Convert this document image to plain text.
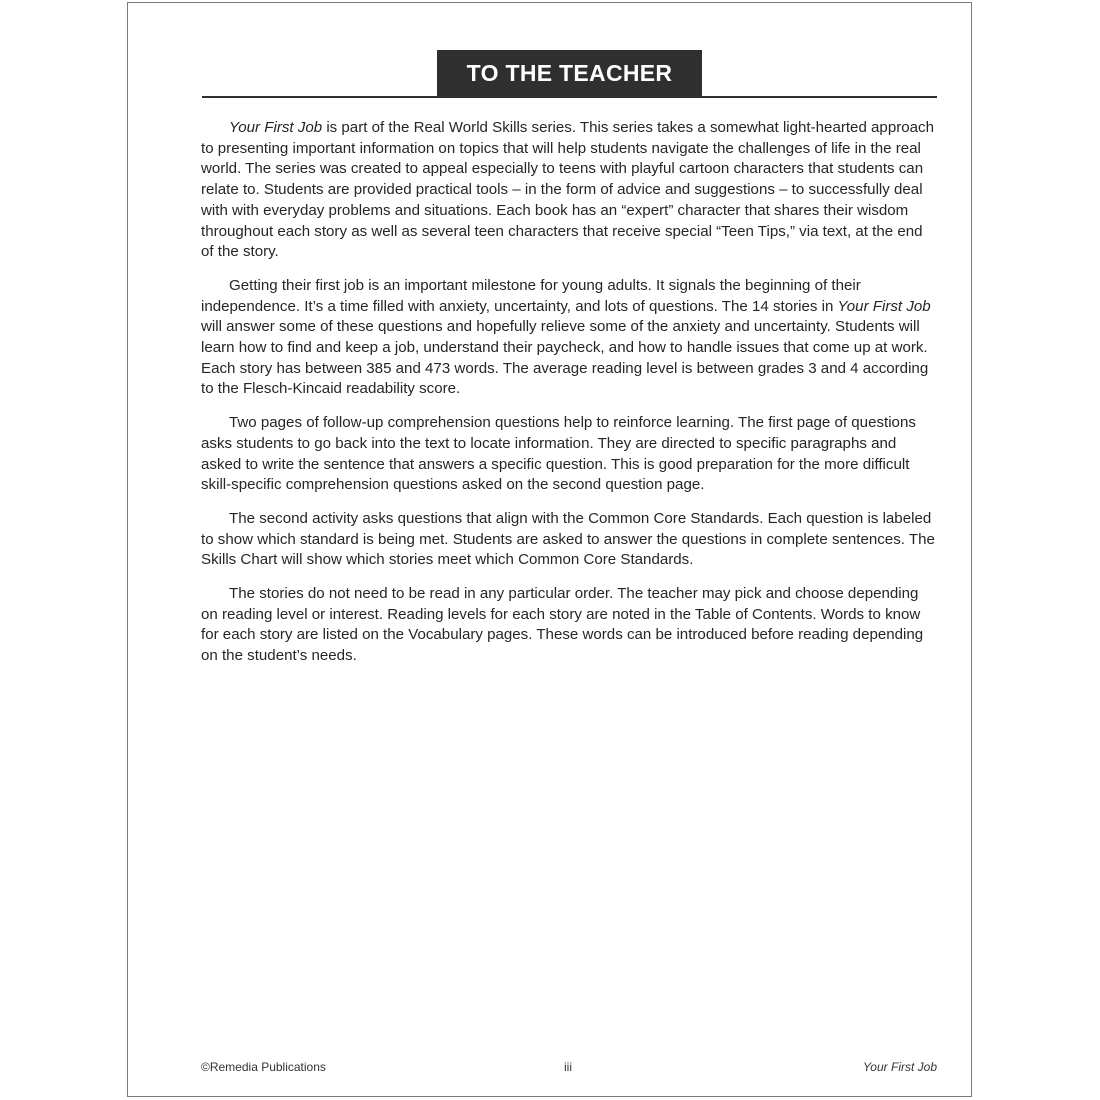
TO THE TEACHER

Your First Job is part of the Real World Skills series. This series takes a somewhat light-hearted approach to presenting important information on topics that will help students navigate the challenges of life in the real world. The series was created to appeal especially to teens with playful cartoon characters that students can relate to. Students are provided practical tools – in the form of advice and suggestions – to successfully deal with with everyday problems and situations. Each book has an “expert” character that shares their wisdom throughout each story as well as several teen characters that receive special “Teen Tips,” via text, at the end of the story.

Getting their first job is an important milestone for young adults. It signals the beginning of their independence. It’s a time filled with anxiety, uncertainty, and lots of questions. The 14 stories in Your First Job will answer some of these questions and hopefully relieve some of the anxiety and uncertainty. Students will learn how to find and keep a job, understand their paycheck, and how to handle issues that come up at work. Each story has between 385 and 473 words. The average reading level is between grades 3 and 4 according to the Flesch-Kincaid readability score.

Two pages of follow-up comprehension questions help to reinforce learning. The first page of questions asks students to go back into the text to locate information. They are directed to specific paragraphs and asked to write the sentence that answers a specific question. This is good preparation for the more difficult skill-specific comprehension questions asked on the second question page.

The second activity asks questions that align with the Common Core Standards. Each question is labeled to show which standard is being met. Students are asked to answer the questions in complete sentences. The Skills Chart will show which stories meet which Common Core Standards.

The stories do not need to be read in any particular order. The teacher may pick and choose depending on reading level or interest. Reading levels for each story are noted in the Table of Contents. Words to know for each story are listed on the Vocabulary pages. These words can be introduced before reading depending on the student’s needs.

©Remedia Publications	iii	Your First Job
